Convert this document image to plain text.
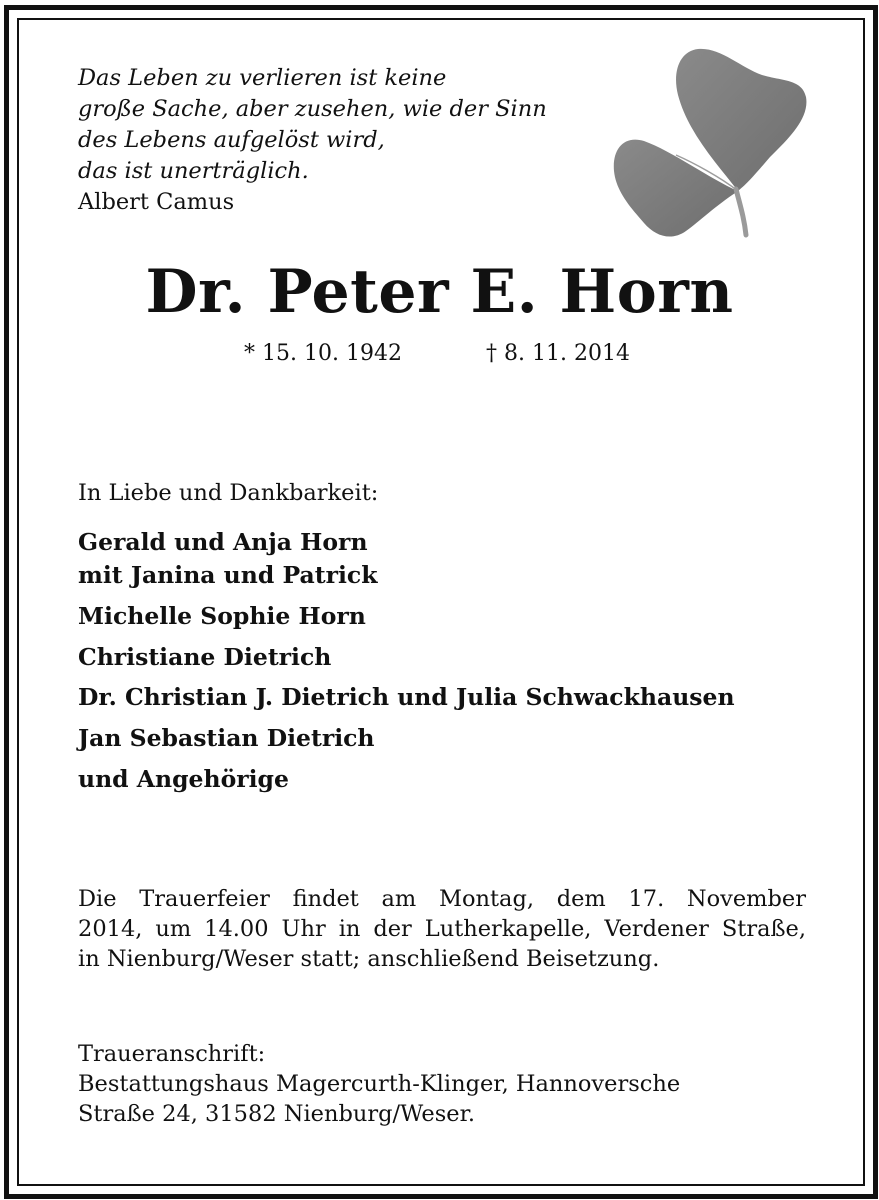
Das Leben zu verlieren ist keine
große Sache, aber zusehen, wie der Sinn
des Lebens aufgelöst wird,
das ist unerträglich.
Albert Camus
Dr. Peter E. Horn
* 15. 10. 1942	† 8. 11. 2014
In Liebe und Dankbarkeit:
Gerald und Anja Horn
mit Janina und Patrick
Michelle Sophie Horn
Christiane Dietrich
Dr. Christian J. Dietrich und Julia Schwackhausen
Jan Sebastian Dietrich
und Angehörige
Die Trauerfeier findet am Montag, dem 17. November
2014, um 14.00 Uhr in der Lutherkapelle, Verdener Straße,
in Nienburg/Weser statt; anschließend Beisetzung.
Traueranschrift:
Bestattungshaus Magercurth-Klinger, Hannoversche
Straße 24, 31582 Nienburg/Weser.
